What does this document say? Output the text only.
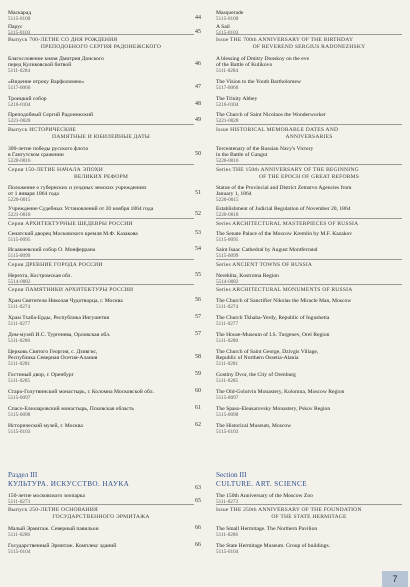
Маскарад
5115-0100
Парус
5115-0103
Выпуск 700-ЛЕТИЕ СО ДНЯ РОЖДЕНИЯ
ПРЕПОДОБНОГО СЕРГИЯ РАДОНЕЖСКОГО
Благословение князя Дмитрия Донского
перед Куликовской битвой
5111-0284
«Видение отроку Варфоломею»
5117-0060
Троицкий собор
5216-0104
Преподобный Сергий Радонежский
5221-0028
Выпуск ИСТОРИЧЕСКИЕ
ПАМЯТНЫЕ И ЮБИЛЕЙНЫЕ ДАТЫ
300-летие победы русского флота
в Гангутском сражении
5220-0016
Серия 150-ЛЕТИЕ НАЧАЛА ЭПОХИ
ВЕЛИКИХ РЕФОРМ
Положение о губернских и уездных земских учреждениях
от 1 января 1864 года
5220-0015
Учреждение Судебных Установлений от 20 ноября 1864 года
5221-0018
Серия АРХИТЕКТУРНЫЕ ШЕДЕВРЫ РОССИИ
Сенатский дворец Московского кремля М.Ф. Казакова
5115-0095
Исаакиевский собор О. Монферрана
5115-0099
Серия ДРЕВНИЕ ГОРОДА РОССИИ
Нерехта, Костромская обл.
5514-0082
Серия ПАМЯТНИКИ АРХИТЕКТУРЫ РОССИИ
Храм Святителя Николая Чудотворца, г. Москва
5111-0274
Храм Тхаба-Ерды, Республика Ингушетия
5111-0277
Дом-музей И.С. Тургенева, Орловская обл.
5111-0280
Церковь Святого Георгия, с. Дзивгис,
Республика Северная Осетия-Алания
5111-0281
Гостиный двор, г. Оренбург
5111-0285
Старо-Голутвинский монастырь, г. Коломна Московской обл.
5115-0097
Спасо-Елеазаровский монастырь, Псковская область
5115-0098
Исторический музей, г. Москва
5115-0103
150-летие московского зоопарка
5111-0273
Выпуск 250-ЛЕТИЕ ОСНОВАНИЯ
ГОСУДАРСТВЕННОГО ЭРМИТАЖА
Малый Эрмитаж. Северный павильон
5111-0286
Государственный Эрмитаж. Комплекс зданий
5115-0104
Masquerade
5115-0100
A Sail
5115-0103
Issue THE 700th ANNIVERSARY OF THE BIRTHDAY
OF REVEREND SERGIUS RADONEZHSKY
A blessing of Dmitry Donskoy on the eve
of the Battle of Kulikovo
5111-0284
The Vision to the Youth Bartholomew
5117-0060
The Trinity Abbey
5216-0104
The Church of Saint Nicolaos the Wonderworker
5221-0028
Issue HISTORICAL MEMORABLE DATES AND
ANNIVERSARIES
Tercentenary of the Russian Navy's Victory
in the Battle of Gangut
5220-0016
Series THE 150th ANNIVERSARY OF THE BEGINNING
OF THE EPOCH OF GREAT REFORMS
Statue of the Provincial and District Zemstvo Agencies from
January 1, 1864
5220-0015
Establishment of Judicial Regulation of November 20, 1864
5220-0018
Series ARCHITECTURAL MASTERPIECES OF RUSSIA
The Senate Palace of the Moscow Kremlin by M.F. Kazakov
5115-0095
Saint Isaac Cathedral by August Montferrand
5115-0099
Series ANCIENT TOWNS OF RUSSIA
Nerekhta, Kostroma Region
5514-0082
Series ARCHITECTURAL MONUMENTS OF RUSSIA
The Church of Sanctifier Nikolas the Miracle Man, Moscow
5111-0274
The Church Tkhaba-Yerdy, Republic of Ingushetia
5111-0277
The House-Museum of I.S. Turgenev, Orel Region
5111-0280
The Church of Saint George, Dzivgis Village,
Republic of Northern Ossetia-Alania
5111-0281
Gostiny Dvor, the City of Orenburg
5111-0285
The Old-Golutvin Monastery, Kolomna, Moscow Region
5115-0097
The Spaso-Eleasarovsky Monastery, Pskov Region
5115-0098
The Historical Museum, Moscow
5115-0103
The 150th Anniversary of the Moscow Zoo
5111-0273
Issue THE 250th ANNIVERSARY OF THE FOUNDATION
OF THE STATE HERMITAGE
The Small Hermitage. The Northern Pavilion
5111-0286
The State Hermitage Museum. Group of buildings.
5115-0104
44
45
46
47
48
49
50
51
52
53
54
55
56
57
57
58
59
60
61
62
63
65
66
66
Раздел III
КУЛЬТУРА. ИСКУССТВО. НАУКА
Section III
CULTURE. ART. SCIENCE
7
